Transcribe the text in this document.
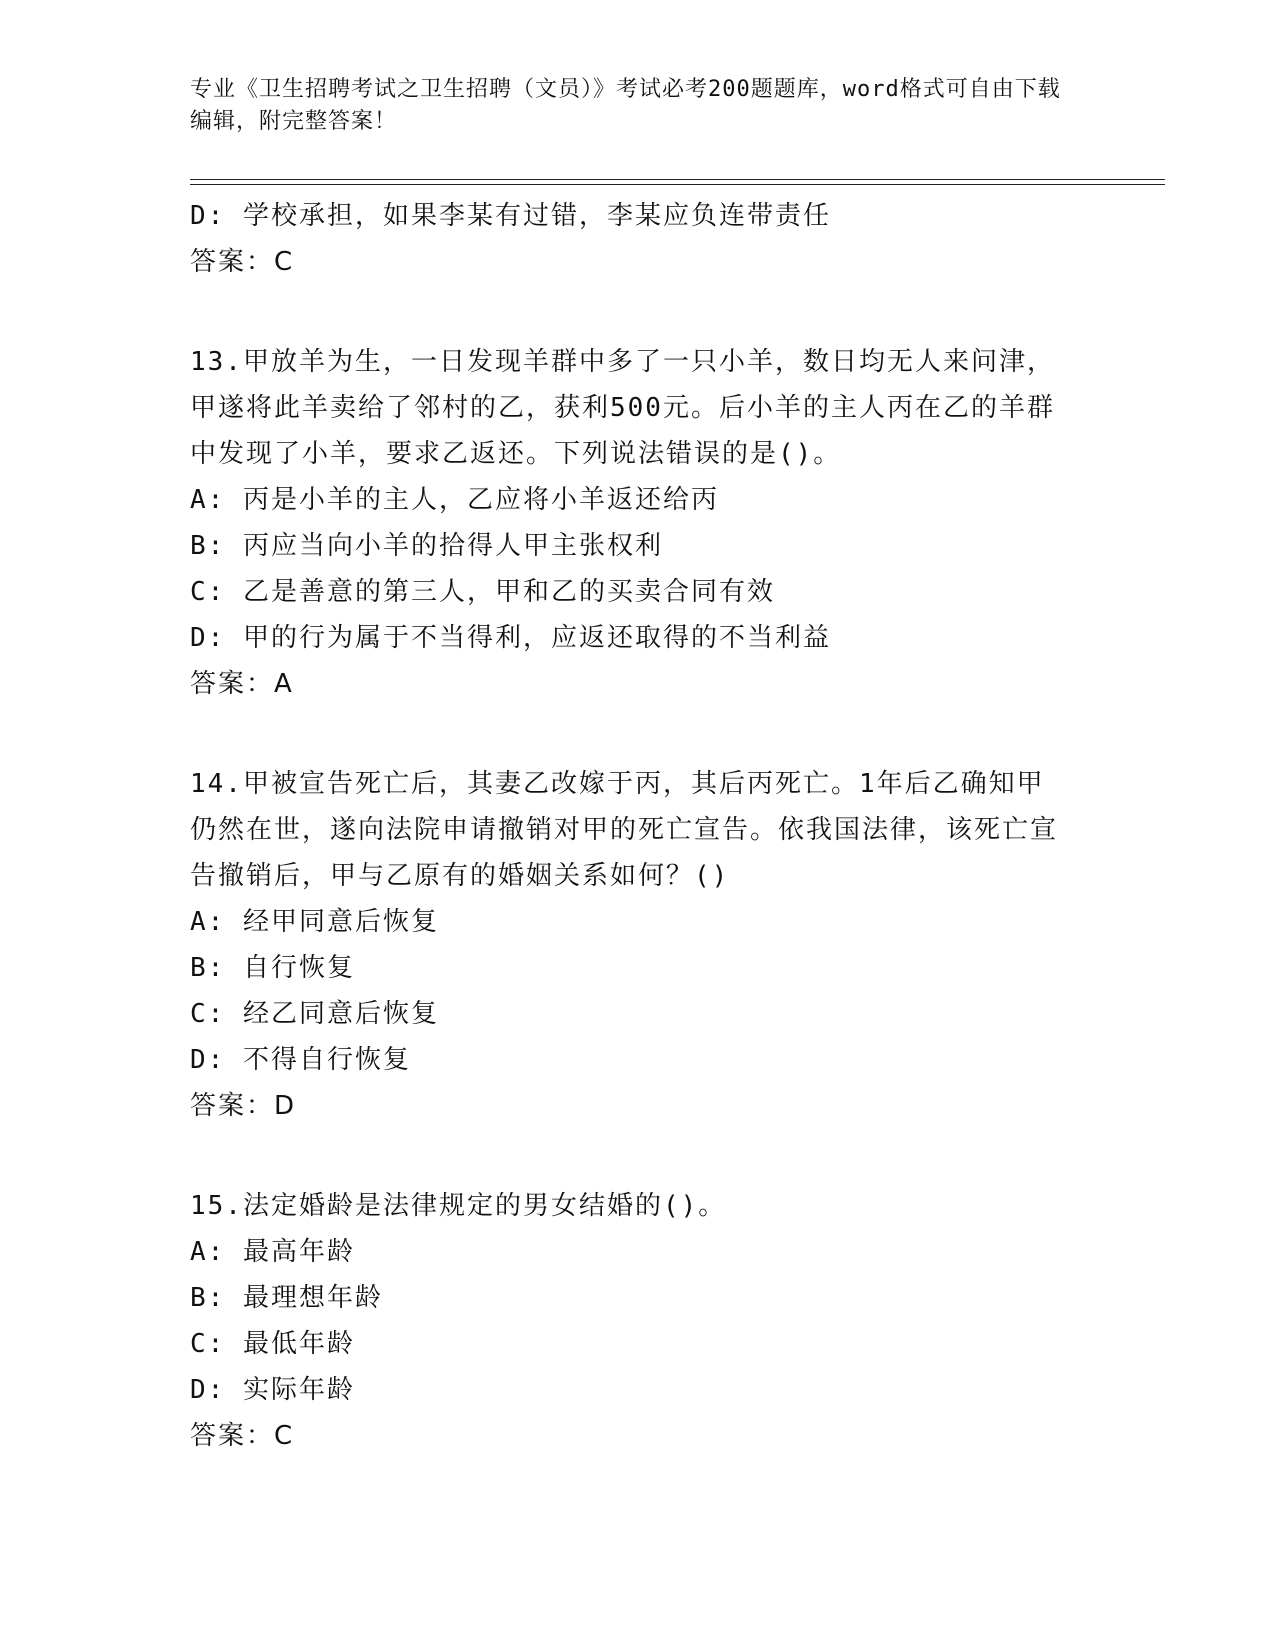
专业《卫生招聘考试之卫生招聘（文员）》考试必考200题题库，word格式可自由下载编辑，附完整答案！
D: 学校承担，如果李某有过错，李某应负连带责任
答案：C
13.甲放羊为生，一日发现羊群中多了一只小羊，数日均无人来问津，甲遂将此羊卖给了邻村的乙，获利500元。后小羊的主人丙在乙的羊群中发现了小羊，要求乙返还。下列说法错误的是()。
A: 丙是小羊的主人，乙应将小羊返还给丙
B: 丙应当向小羊的拾得人甲主张权利
C: 乙是善意的第三人，甲和乙的买卖合同有效
D: 甲的行为属于不当得利，应返还取得的不当利益
答案：A
14.甲被宣告死亡后，其妻乙改嫁于丙，其后丙死亡。1年后乙确知甲仍然在世，遂向法院申请撤销对甲的死亡宣告。依我国法律，该死亡宣告撤销后，甲与乙原有的婚姻关系如何？()
A: 经甲同意后恢复
B: 自行恢复
C: 经乙同意后恢复
D: 不得自行恢复
答案：D
15.法定婚龄是法律规定的男女结婚的()。
A: 最高年龄
B: 最理想年龄
C: 最低年龄
D: 实际年龄
答案：C
